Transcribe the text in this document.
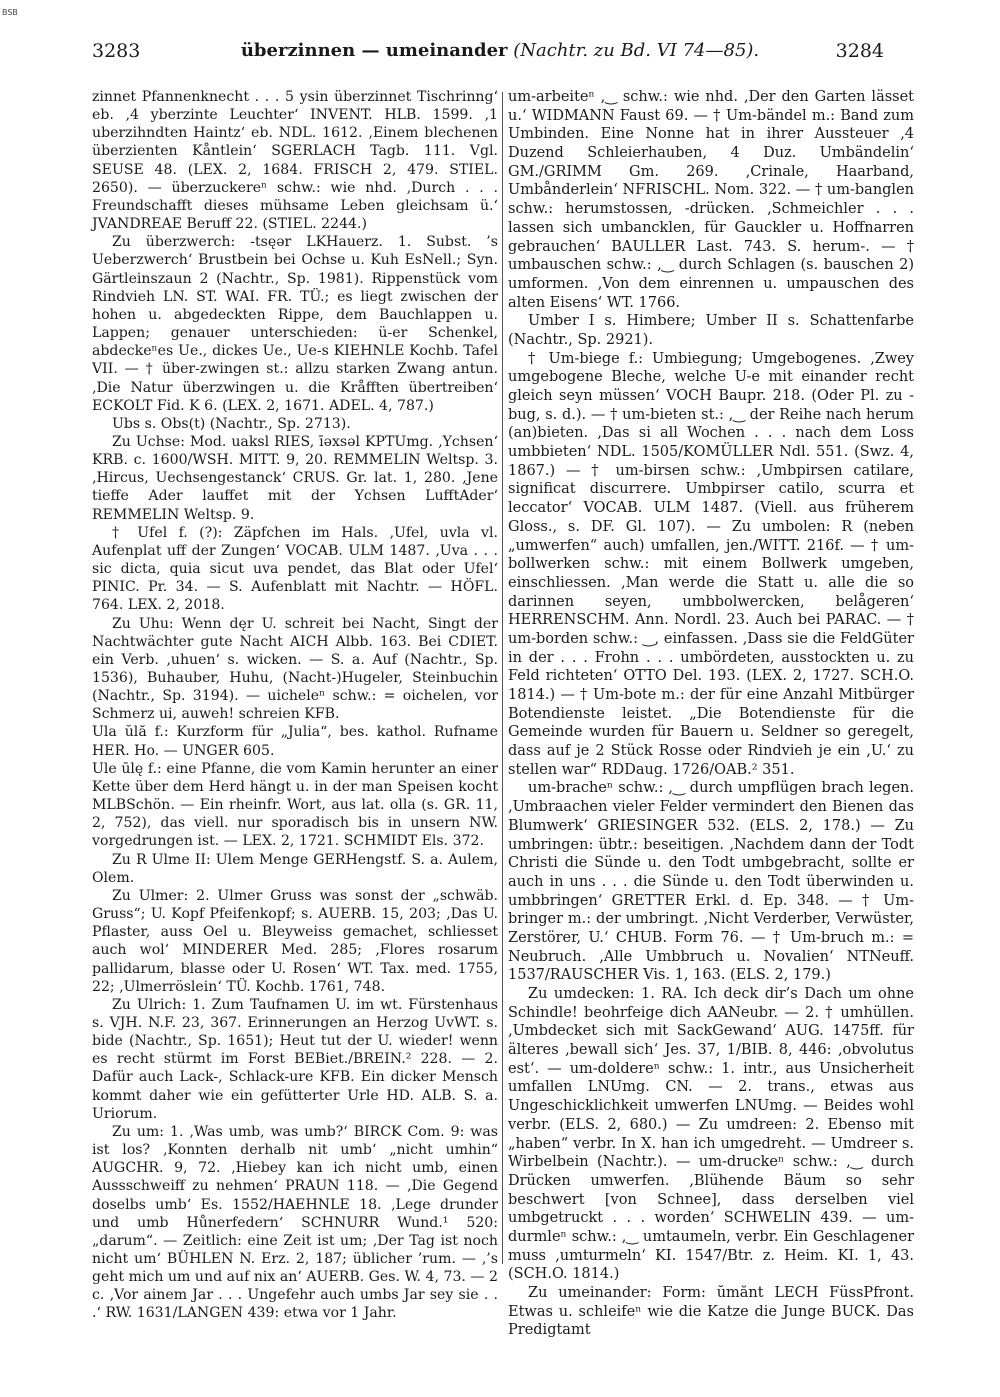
BSB
3283	überzinnen — umeinander (Nachtr. zu Bd. VI 74—85).	3284

zinnet Pfannenknecht . . . 5 ysin überzinnet Tischrinng‘ eb. ‚4 yberzinte Leuchter‘ INVENT. HLB. 1599. ‚1 uberzihndten Haintz‘ eb. NDL. 1612. ‚Einem blechenen überzienten Kåntlein‘ SGERLACH Tagb. 111. Vgl. SEUSE 48. (LEX. 2, 1684. FRISCH 2, 479. STIEL. 2650). — überzuckereⁿ schw.: wie nhd. ‚Durch . . . Freundschafft dieses mühsame Leben gleichsam ü.‘ JVANDREAE Beruff 22. (STIEL. 2244.)

Zu überzwerch: -tsęər LKHauerz. 1. Subst. ’s Ueberzwerch‘ Brustbein bei Ochse u. Kuh EsNell.; Syn. Gärtleinszaun 2 (Nachtr., Sp. 1981). Rippenstück vom Rindvieh LN. ST. WAI. FR. TÜ.; es liegt zwischen der hohen u. abgedeckten Rippe, dem Bauchlappen u. Lappen; genauer unterschieden: ü-er Schenkel, abdeckeⁿes Ue., dickes Ue., Ue-s KIEHNLE Kochb. Tafel VII. — † über-zwingen st.: allzu starken Zwang antun. ‚Die Natur überzwingen u. die Kråfften übertreiben‘ ECKOLT Fid. K 6. (LEX. 2, 1671. ADEL. 4, 787.)

Ubs s. Obs(t) (Nachtr., Sp. 2713).

Zu Uchse: Mod. uaksl RIES, īəxsəl KPTUmg. ‚Ychsen‘ KRB. c. 1600/WSH. MITT. 9, 20. REMMELIN Weltsp. 3. ‚Hircus, Uechsengestanck‘ CRUS. Gr. lat. 1, 280. ‚Jene tieffe Ader lauffet mit der Ychsen LufftAder‘ REMMELIN Weltsp. 9.

† Ufel f. (?): Zäpfchen im Hals. ‚Ufel, uvla vl. Aufenplat uff der Zungen‘ VOCAB. ULM 1487. ‚Uva . . . sic dicta, quia sicut uva pendet, das Blat oder Ufel‘ PINIC. Pr. 34. — S. Aufenblatt mit Nachtr. — HÖFL. 764. LEX. 2, 2018.

Zu Uhu: Wenn dęr U. schreit bei Nacht, Singt der Nachtwächter gute Nacht AICH Albb. 163. Bei CDIET. ein Verb. ‚uhuen‘ s. wicken. — S. a. Auf (Nachtr., Sp. 1536), Buhauber, Huhu, (Nacht-)Hugeler, Steinbuchin (Nachtr., Sp. 3194). — uicheleⁿ schw.: = oichelen, vor Schmerz ui, auweh! schreien KFB.

Ula ŭlă f.: Kurzform für „Julia“, bes. kathol. Rufname HER. Ho. — UNGER 605.

Ule ūlę f.: eine Pfanne, die vom Kamin herunter an einer Kette über dem Herd hängt u. in der man Speisen kocht MLBSchön. — Ein rheinfr. Wort, aus lat. olla (s. GR. 11, 2, 752), das viell. nur sporadisch bis in unsern NW. vorgedrungen ist. — LEX. 2, 1721. SCHMIDT Els. 372.

Zu R Ulme II: Ulem Menge GERHengstf. S. a. Aulem, Olem.

Zu Ulmer: 2. Ulmer Gruss was sonst der „schwäb. Gruss“; U. Kopf Pfeifenkopf; s. AUERB. 15, 203; ‚Das U. Pflaster, auss Oel u. Bleyweiss gemachet, schliesset auch wol‘ MINDERER Med. 285; ‚Flores rosarum pallidarum, blasse oder U. Rosen‘ WT. Tax. med. 1755, 22; ‚Ulmerröslein‘ TÜ. Kochb. 1761, 748.

Zu Ulrich: 1. Zum Taufnamen U. im wt. Fürstenhaus s. VJH. N.F. 23, 367. Erinnerungen an Herzog UvWT. s. bide (Nachtr., Sp. 1651); Heut tut der U. wieder! wenn es recht stürmt im Forst BEBiet./BREIN.² 228. — 2. Dafür auch Lack-, Schlack-ure KFB. Ein dicker Mensch kommt daher wie ein gefütterter Urle HD. ALB. S. a. Uriorum.

Zu um: 1. ‚Was umb, was umb?‘ BIRCK Com. 9: was ist los? ‚Konnten derhalb nit umb‘ „nicht umhin“ AUGCHR. 9, 72. ‚Hiebey kan ich nicht umb, einen Aussschweiff zu nehmen‘ PRAUN 118. — ‚Die Gegend doselbs umb‘ Es. 1552/HAEHNLE 18. ‚Lege drunder und umb Hůnerfedern‘ SCHNURR Wund.¹ 520: „darum“. — Zeitlich: eine Zeit ist um; ‚Der Tag ist noch nicht um‘ BÜHLEN N. Erz. 2, 187; üblicher ’rum. — ‚’s geht mich um und auf nix an‘ AUERB. Ges. W. 4, 73. — 2 c. ‚Vor ainem Jar . . . Ungefehr auch umbs Jar sey sie . . .‘ RW. 1631/LANGEN 439: etwa vor 1 Jahr.

um-arbeiteⁿ ,‿ schw.: wie nhd. ‚Der den Garten lässet u.‘ WIDMANN Faust 69. — † Um-bändel m.: Band zum Umbinden. Eine Nonne hat in ihrer Aussteuer ‚4 Duzend Schleierhauben, 4 Duz. Umbändelin‘ GM./GRIMM Gm. 269. ‚Crinale, Haarband, Umbånderlein‘ NFRISCHL. Nom. 322. — † um-banglen schw.: herumstossen, -drücken. ‚Schmeichler . . . lassen sich umbancklen, für Gauckler u. Hoffnarren gebrauchen‘ BAULLER Last. 743. S. herum-. — † umbauschen schw.: ,‿ durch Schlagen (s. bauschen 2) umformen. ‚Von dem einrennen u. umpauschen des alten Eisens‘ WT. 1766.

Umber I s. Himbere; Umber II s. Schattenfarbe (Nachtr., Sp. 2921).

† Um-biege f.: Umbiegung; Umgebogenes. ‚Zwey umgebogene Bleche, welche U-e mit einander recht gleich seyn müssen‘ VOCH Baupr. 218. (Oder Pl. zu -bug, s. d.). — † um-bieten st.: ,‿ der Reihe nach herum (an)bieten. ‚Das si all Wochen . . . nach dem Loss umbbieten‘ NDL. 1505/KOMÜLLER Ndl. 551. (Swz. 4, 1867.) — † um-birsen schw.: ‚Umbpirsen catilare, significat discurrere. Umbpirser catilo, scurra et leccator‘ VOCAB. ULM 1487. (Viell. aus früherem Gloss., s. DF. Gl. 107). — Zu umbolen: R (neben „umwerfen“ auch) umfallen, jen./WITT. 216f. — † um-bollwerken schw.: mit einem Bollwerk umgeben, einschliessen. ‚Man werde die Statt u. alle die so darinnen seyen, umbbolwercken, belågeren‘ HERRENSCHM. Ann. Nordl. 23. Auch bei PARAC. — † um-borden schw.: ‿, einfassen. ‚Dass sie die FeldGüter in der . . . Frohn . . . umbördeten, ausstockten u. zu Feld richteten‘ OTTO Del. 193. (LEX. 2, 1727. SCH.O. 1814.) — † Um-bote m.: der für eine Anzahl Mitbürger Botendienste leistet. „Die Botendienste für die Gemeinde wurden für Bauern u. Seldner so geregelt, dass auf je 2 Stück Rosse oder Rindvieh je ein ‚U.‘ zu stellen war“ RDDaug. 1726/OAB.² 351.

um-bracheⁿ schw.: ,‿ durch umpflügen brach legen. ‚Umbraachen vieler Felder vermindert den Bienen das Blumwerk‘ GRIESINGER 532. (ELS. 2, 178.) — Zu umbringen: übtr.: beseitigen. ‚Nachdem dann der Todt Christi die Sünde u. den Todt umbgebracht, sollte er auch in uns . . . die Sünde u. den Todt überwinden u. umbbringen‘ GRETTER Erkl. d. Ep. 348. — † Um-bringer m.: der umbringt. ‚Nicht Verderber, Verwüster, Zerstörer, U.‘ CHUB. Form 76. — † Um-bruch m.: = Neubruch. ‚Alle Umbbruch u. Novalien‘ NTNeuff. 1537/RAUSCHER Vis. 1, 163. (ELS. 2, 179.)

Zu umdecken: 1. RA. Ich deck dir’s Dach um ohne Schindle! beohrfeige dich AANeubr. — 2. † umhüllen. ‚Umbdecket sich mit SackGewand‘ AUG. 1475ff. für älteres ‚bewall sich‘ Jes. 37, 1/BIB. 8, 446: ‚obvolutus est‘. — um-doldereⁿ schw.: 1. intr., aus Unsicherheit umfallen LNUmg. CN. — 2. trans., etwas aus Ungeschicklichkeit umwerfen LNUmg. — Beides wohl verbr. (ELS. 2, 680.) — Zu umdreen: 2. Ebenso mit „haben“ verbr. In X. han ich umgedreht. — Umdreer s. Wirbelbein (Nachtr.). — um-druckeⁿ schw.: ,‿ durch Drücken umwerfen. ‚Blühende Bäum so sehr beschwert [von Schnee], dass derselben viel umbgetruckt . . . worden‘ SCHWELIN 439. — um-durmleⁿ schw.: ,‿ umtaumeln, verbr. Ein Geschlagener muss ‚umturmeln‘ KI. 1547/Btr. z. Heim. KI. 1, 43. (SCH.O. 1814.)

Zu umeinander: Form: ŭmănt LECH FüssPfront. Etwas u. schleifeⁿ wie die Katze die Junge BUCK. Das Predigtamt
